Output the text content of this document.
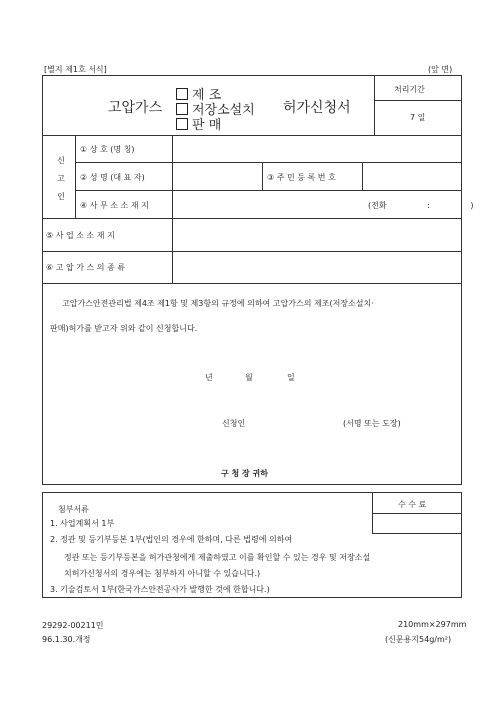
[별지 제1호 서식]	(앞 면)
고압가스
제 조
저장소설치
판 매
허가신청서
처리기간
7 일
신고인
① 상 호 (명 칭)
② 성 명 (대 표 자)	③ 주 민 등 록 번 호
④ 사 무 소 소 재 지	(전화 : )
⑤ 사 업 소 소 재 지
⑥ 고 압 가 스 의 종 류
고압가스안전관리법 제4조 제1항 및 제3항의 규정에 의하여 고압가스의 제조(저장소설치·
판매)허가를 받고자 위와 같이 신청합니다.
년	월	일
신청인	(서명 또는 도장)
구 청 장 귀하
수 수 료
첨부서류
1. 사업계획서 1부
2. 정관 및 등기부등본 1부(법인의 경우에 한하며, 다른 법령에 의하여
정관 또는 등기부등본을 허가관청에게 제출하였고 이를 확인할 수 있는 경우 및 저장소설
치허가신청서의 경우에는 첨부하지 아니할 수 있습니다.)
3. 기술검토서 1부(한국가스안전공사가 발행한 것에 한합니다.)
29292-00211민
96.1.30.개정
210mm×297mm
(신문용지54g/m²)
